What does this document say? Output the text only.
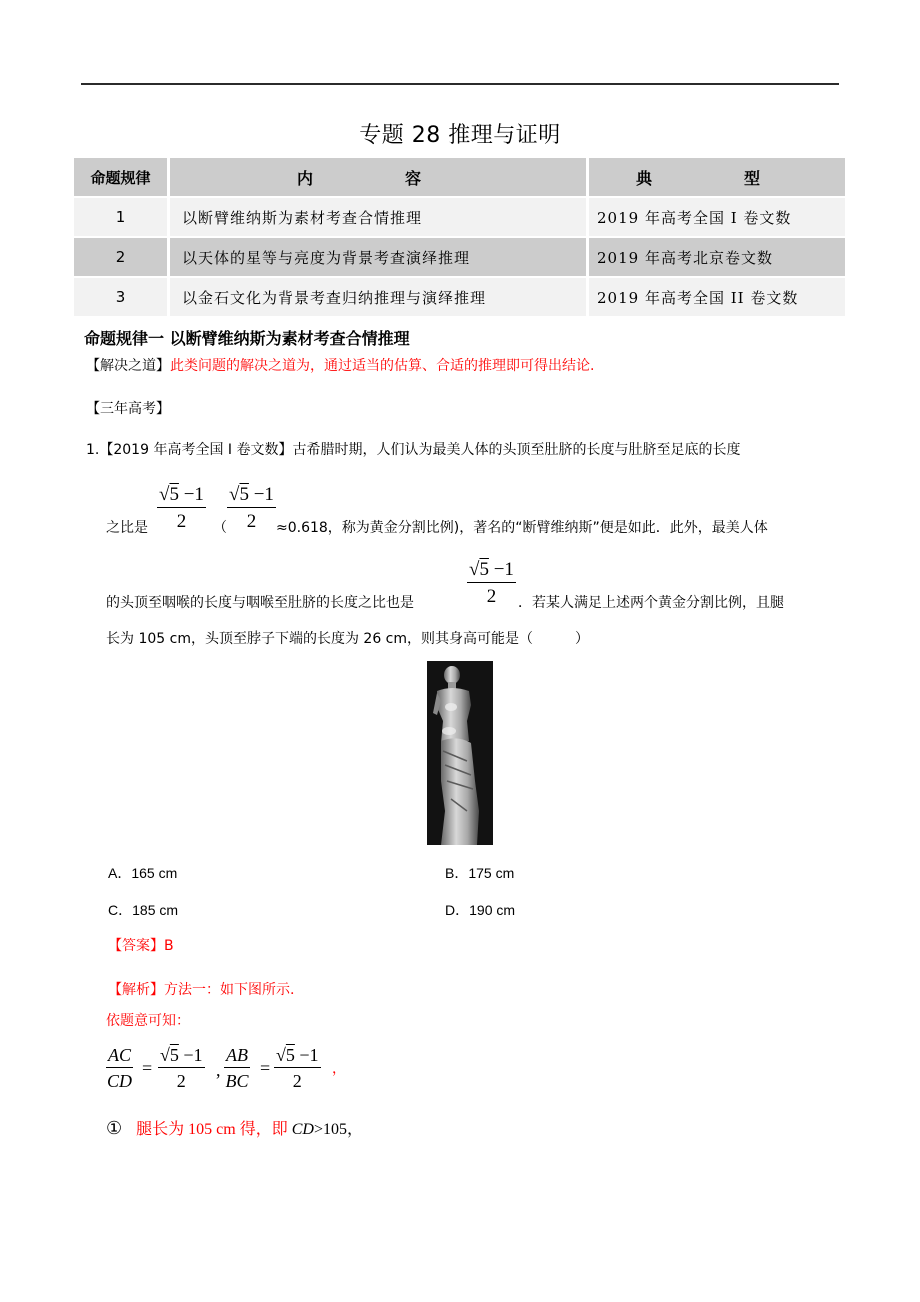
专题 28 推理与证明
命题规律	内　容	典　型
1	以断臂维纳斯为素材考查合情推理	2019 年高考全国 I 卷文数
2	以天体的星等与亮度为背景考查演绎推理	2019 年高考北京卷文数
3	以金石文化为背景考查归纳推理与演绎推理	2019 年高考全国 II 卷文数
命题规律一 以断臂维纳斯为素材考查合情推理
【解决之道】此类问题的解决之道为，通过适当的估算、合适的推理即可得出结论.
【三年高考】
1.【2019 年高考全国 I 卷文数】古希腊时期，人们认为最美人体的头顶至肚脐的长度与肚脐至足底的长度
$\frac{√5 -1}{2} \frac{√5 -1}{2}$
之比是	（	≈0.618，称为黄金分割比例)，著名的“断臂维纳斯”便是如此．此外，最美人体
$\frac{√5 -1}{2}$
的头顶至咽喉的长度与咽喉至肚脐的长度之比也是	．若某人满足上述两个黄金分割比例，且腿
长为 105 cm，头顶至脖子下端的长度为 26 cm，则其身高可能是（　　　）
A．165 cm	B．175 cm
C．185 cm	D．190 cm
【答案】B
【解析】方法一：如下图所示.
依题意可知：
$\frac{AC}{CD} = \frac{√5 -1}{2}$ , $\frac{AB}{BC} = \frac{√5 -1}{2}$ ，
① 腿长为 105 cm 得，即 CD>105，
